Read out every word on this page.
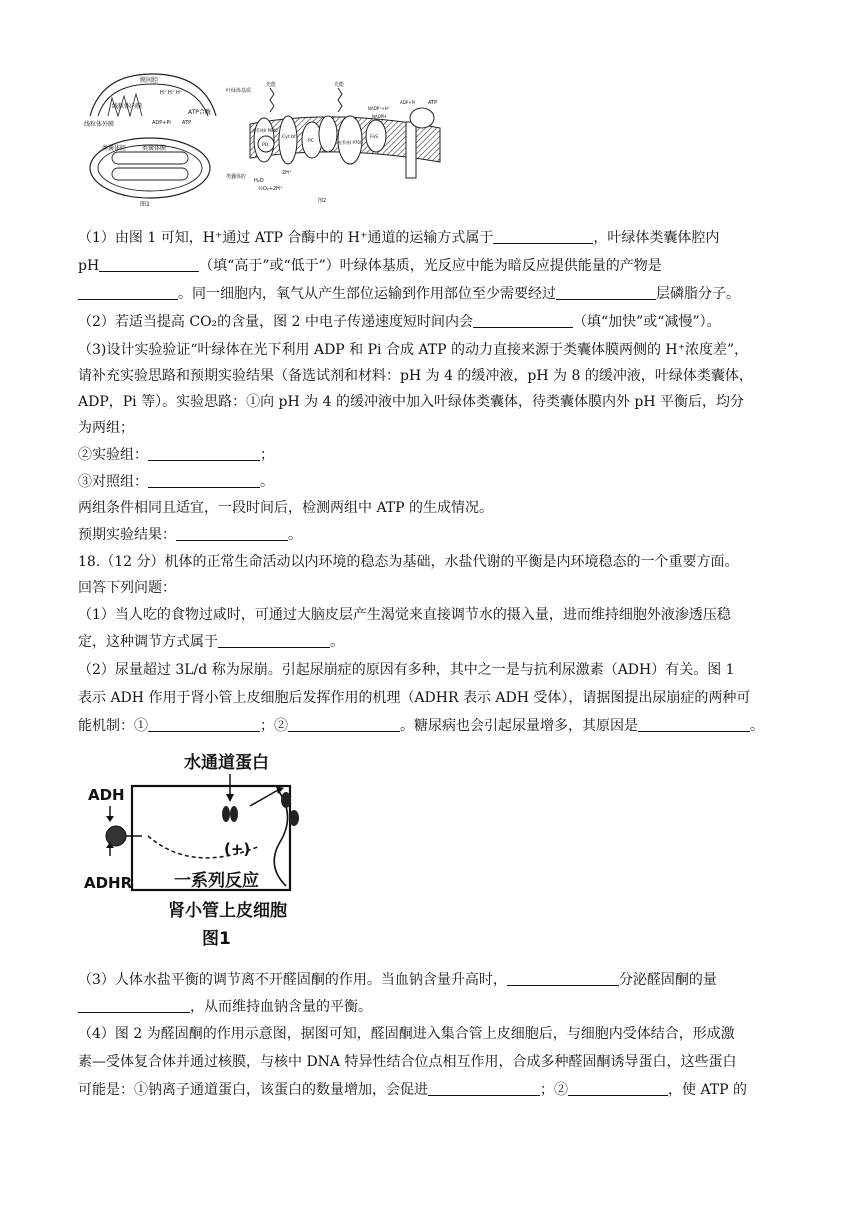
线粒体外膜
线粒体内膜
膜间腔
H⁺ H⁺ H⁺
ATP合酶
ADP+Pi ATP
类囊体腔	类囊体膜
图1
叶绿体基质
类囊体腔
光能	光能
光系统II P680
PQ
Cyt bf
PC	光系统I P700
FeS
NADP⁺+H⁺
NADPH
ADP+Pi	ATP
H₂O
½O₂+2H⁺
2H⁺
图2
（1）由图 1 可知，H⁺通过 ATP 合酶中的 H⁺通道的运输方式属于	，叶绿体类囊体腔内
pH	（填“高于”或“低于”）叶绿体基质，光反应中能为暗反应提供能量的产物是
。同一细胞内，氧气从产生部位运输到作用部位至少需要经过	层磷脂分子。
（2）若适当提高 CO₂的含量，图 2 中电子传递速度短时间内会	（填“加快”或“减慢”）。
（3)设计实验验证“叶绿体在光下利用 ADP 和 Pi 合成 ATP 的动力直接来源于类囊体膜两侧的 H⁺浓度差”，
请补充实验思路和预期实验结果（备选试剂和材料：pH 为 4 的缓冲液，pH 为 8 的缓冲液，叶绿体类囊体，
ADP，Pi 等）。实验思路：①向 pH 为 4 的缓冲液中加入叶绿体类囊体，待类囊体膜内外 pH 平衡后，均分
为两组；
②实验组：	；
③对照组：	。
两组条件相同且适宜，一段时间后，检测两组中 ATP 的生成情况。
预期实验结果：	。
18.（12 分）机体的正常生命活动以内环境的稳态为基础，水盐代谢的平衡是内环境稳态的一个重要方面。
回答下列问题：
（1）当人吃的食物过咸时，可通过大脑皮层产生渴觉来直接调节水的摄入量，进而维持细胞外液渗透压稳
定，这种调节方式属于	。
（2）尿量超过 3L/d 称为尿崩。引起尿崩症的原因有多种，其中之一是与抗利尿激素（ADH）有关。图 1
表示 ADH 作用于肾小管上皮细胞后发挥作用的机理（ADHR 表示 ADH 受体），请据图提出尿崩症的两种可
能机制：①	；②	。糖尿病也会引起尿量增多，其原因是	。
水通道蛋白
ADH
ADHR
(+)
一系列反应
肾小管上皮细胞
图1
（3）人体水盐平衡的调节离不开醛固酮的作用。当血钠含量升高时，	分泌醛固酮的量
，从而维持血钠含量的平衡。
（4）图 2 为醛固酮的作用示意图，据图可知，醛固酮进入集合管上皮细胞后，与细胞内受体结合，形成激
素—受体复合体并通过核膜，与核中 DNA 特异性结合位点相互作用，合成多种醛固酮诱导蛋白，这些蛋白
可能是：①钠离子通道蛋白，该蛋白的数量增加，会促进	；②	，使 ATP 的
